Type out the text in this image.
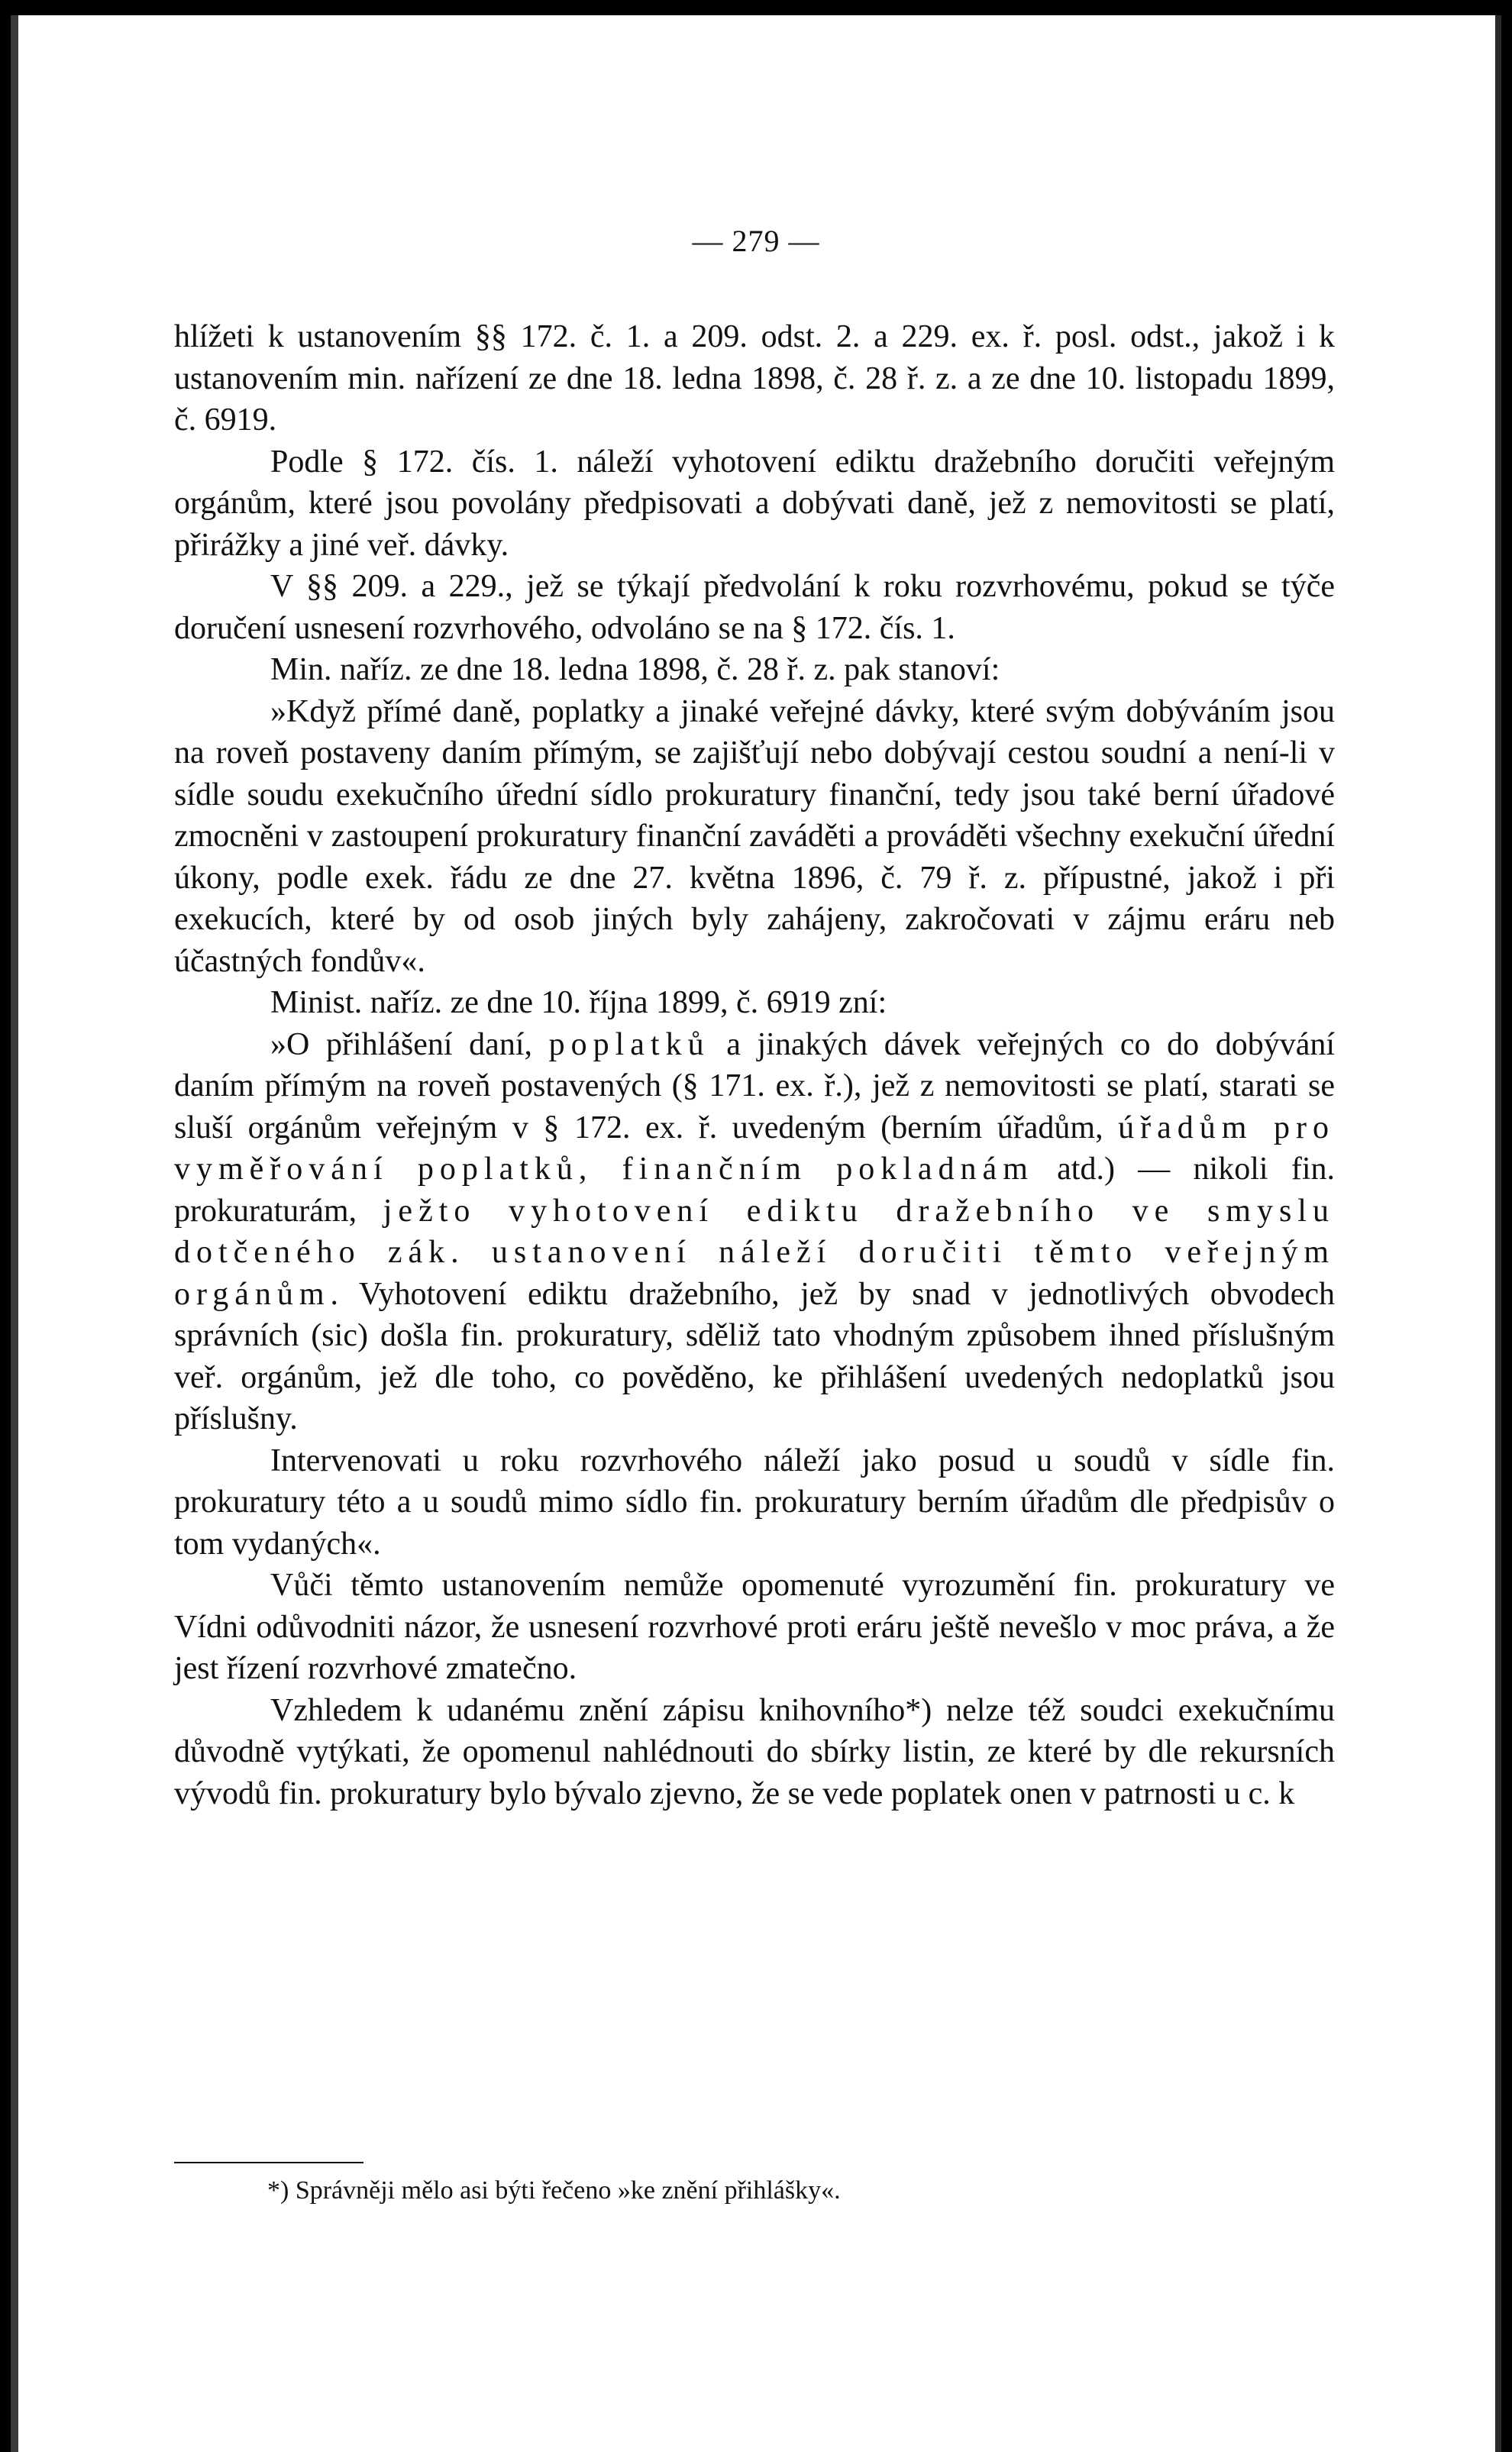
— 279 —

hlížeti k ustanovením §§ 172. č. 1. a 209. odst. 2. a 229. ex. ř. posl. odst., jakož i k ustanovením min. nařízení ze dne 18. ledna 1898, č. 28 ř. z. a ze dne 10. listopadu 1899, č. 6919.

Podle § 172. čís. 1. náleží vyhotovení ediktu dražebního doručiti veřejným orgánům, které jsou povolány předpisovati a dobývati daně, jež z nemovitosti se platí, přirážky a jiné veř. dávky.

V §§ 209. a 229., jež se týkají předvolání k roku rozvrhovému, pokud se týče doručení usnesení rozvrhového, odvoláno se na § 172. čís. 1.

Min. naříz. ze dne 18. ledna 1898, č. 28 ř. z. pak stanoví:

»Když přímé daně, poplatky a jinaké veřejné dávky, které svým dobýváním jsou na roveň postaveny daním přímým, se zajišťují nebo dobývají cestou soudní a není-li v sídle soudu exekučního úřední sídlo prokuratury finanční, tedy jsou také berní úřadové zmocněni v zastoupení prokuratury finanční zaváděti a prováděti všechny exekuční úřední úkony, podle exek. řádu ze dne 27. května 1896, č. 79 ř. z. přípustné, jakož i při exekucích, které by od osob jiných byly zahájeny, zakročovati v zájmu eráru neb účastných fondův«.

Minist. naříz. ze dne 10. října 1899, č. 6919 zní:

»O přihlášení daní, poplatků a jinakých dávek veřejných co do dobývání daním přímým na roveň postavených (§ 171. ex. ř.), jež z nemovitosti se platí, starati se sluší orgánům veřejným v § 172. ex. ř. uvedeným (berním úřadům, úřadům pro vyměřování poplatků, finančním pokladnám atd.) — nikoli fin. prokuraturám, ježto vyhotovení ediktu dražebního ve smyslu dotčeného zák. ustanovení náleží doručiti těmto veřejným orgánům. Vyhotovení ediktu dražebního, jež by snad v jednotlivých obvodech správních (sic) došla fin. prokuratury, sděliž tato vhodným způsobem ihned příslušným veř. orgánům, jež dle toho, co pověděno, ke přihlášení uvedených nedoplatků jsou příslušny.

Intervenovati u roku rozvrhového náleží jako posud u soudů v sídle fin. prokuratury této a u soudů mimo sídlo fin. prokuratury berním úřadům dle předpisův o tom vydaných«.

Vůči těmto ustanovením nemůže opomenuté vyrozumění fin. prokuratury ve Vídni odůvodniti názor, že usnesení rozvrhové proti eráru ještě nevešlo v moc práva, a že jest řízení rozvrhové zmatečno.

Vzhledem k udanému znění zápisu knihovního*) nelze též soudci exekučnímu důvodně vytýkati, že opomenul nahlédnouti do sbírky listin, ze které by dle rekursních vývodů fin. prokuratury bylo bývalo zjevno, že se vede poplatek onen v patrnosti u c. k

*) Správněji mělo asi býti řečeno »ke znění přihlášky«.
